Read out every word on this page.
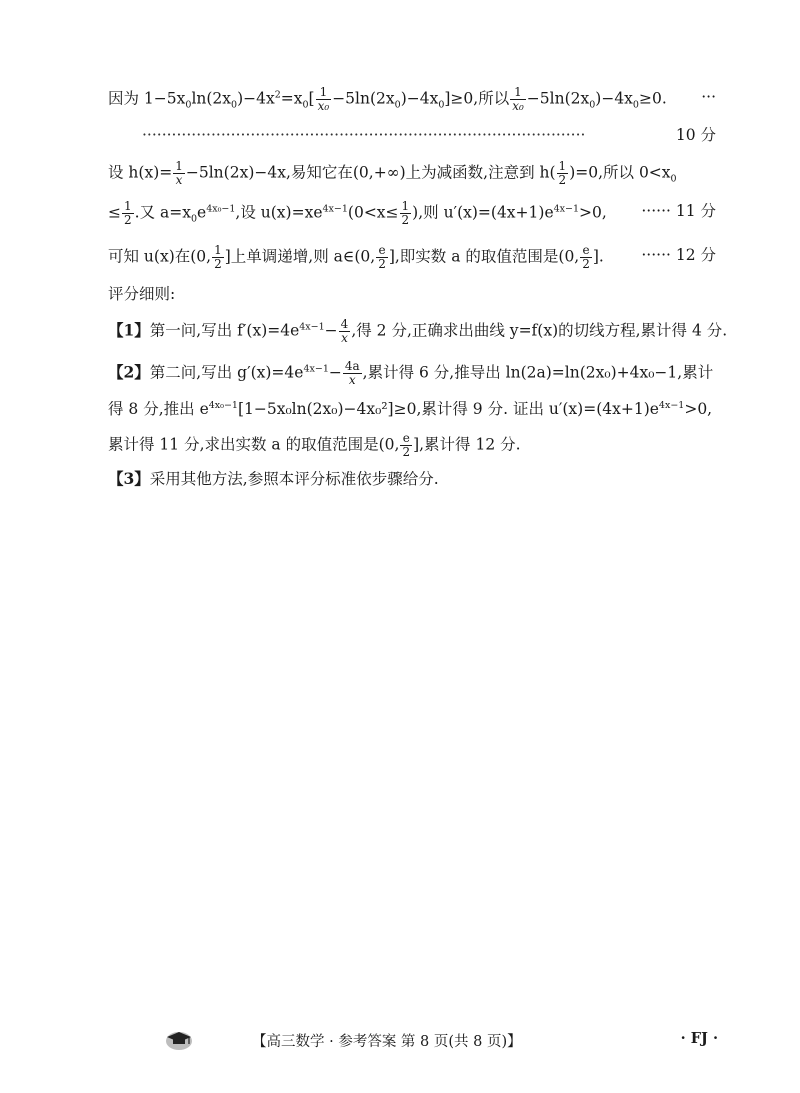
因为 $1-5x_0\ln(2x_0)-4x^2=x_0[ \frac{1}{\text{x₀}} -5\ln(2x_0)-4x_0]\ge 0$,所以 $\frac{1}{\text{x₀}} -5\ln(2x_0)-4x_0\ge 0$. ···
··························································································	10 分
设 $h(x)= \frac{1}{x} -5\ln(2x)-4x$,易知它在(0,+∞)上为减函数,注意到 $h( \frac{1}{2} )=0$,所以 $0<x_0$
≤ $\frac{1}{2}$ .又 $a=x_0e^{4x_0-1}$,设 $u(x)=xe^{4x-1}(0<x\le \frac{1}{2}$ ),则 $u'(x)=(4x+1)e^{4x-1}>0$, ······ 11 分
可知 u(x)在(0, $\frac{1}{2}$ ]上单调递增,则 a∈(0, $\frac{e}{2}$ ],即实数 a 的取值范围是(0, $\frac{e}{2}$ ]. ······ 12 分
评分细则:
【1】第一问,写出 $f'(x)=4e^{4x-1}- \frac{4}{x}$ ,得 2 分,正确求出曲线 y=f(x)的切线方程,累计得 4 分.
【2】第二问,写出 $g'(x)=4e^{4x-1}- \frac{4a}{x}$ ,累计得 6 分,推导出 ln(2a)=ln(2x₀)+4x₀−1,累计
得 8 分,推出 $e^{4x_0-1}[1-5x_0\ln(2x_0)-4x_0^2]\ge 0$,累计得 9 分. 证出 $u'(x)=(4x+1)e^{4x-1}>0$,
累计得 11 分,求出实数 a 的取值范围是(0, $\frac{e}{2}$ ],累计得 12 分.
【3】采用其他方法,参照本评分标准依步骤给分.
【高三数学 · 参考答案 第 8 页(共 8 页)】	· FJ ·
